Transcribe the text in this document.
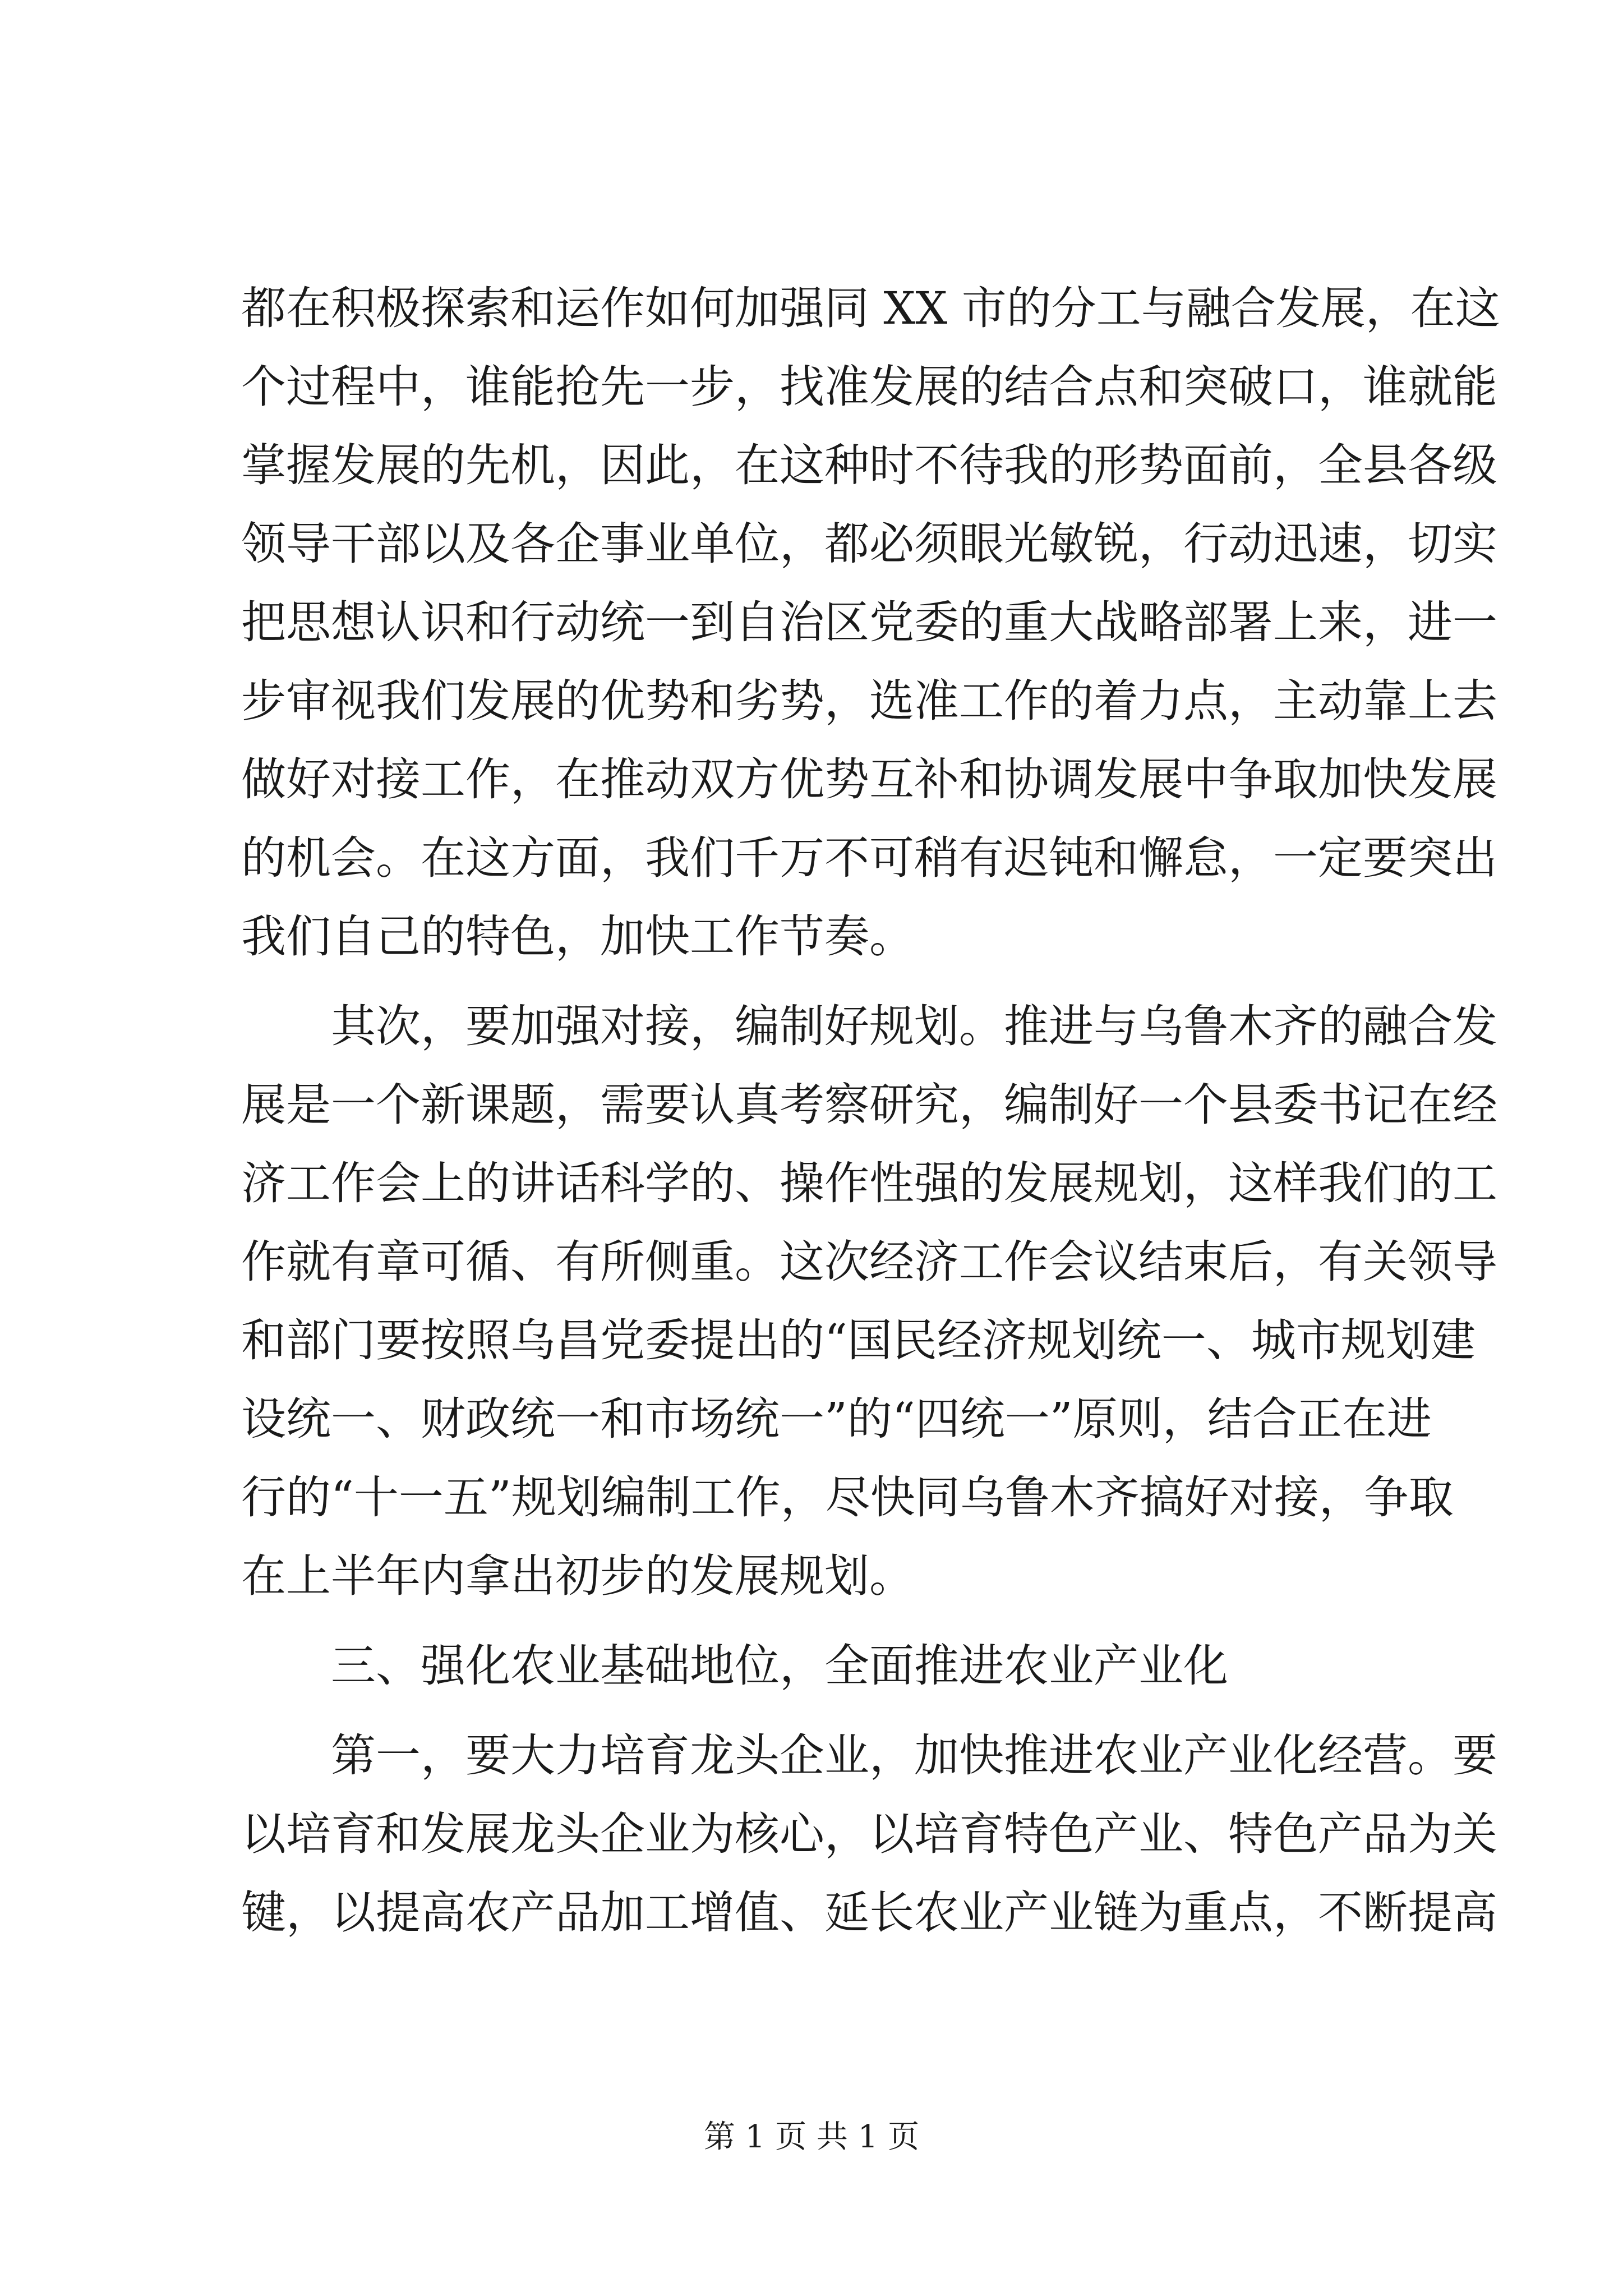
都在积极探索和运作如何加强同 XX 市的分工与融合发展，在这
个过程中，谁能抢先一步，找准发展的结合点和突破口，谁就能
掌握发展的先机，因此，在这种时不待我的形势面前，全县各级
领导干部以及各企事业单位，都必须眼光敏锐，行动迅速，切实
把思想认识和行动统一到自治区党委的重大战略部署上来，进一
步审视我们发展的优势和劣势，选准工作的着力点，主动靠上去
做好对接工作，在推动双方优势互补和协调发展中争取加快发展
的机会。在这方面，我们千万不可稍有迟钝和懈怠，一定要突出
我们自己的特色，加快工作节奏。
其次，要加强对接，编制好规划。推进与乌鲁木齐的融合发
展是一个新课题，需要认真考察研究，编制好一个县委书记在经
济工作会上的讲话科学的、操作性强的发展规划，这样我们的工
作就有章可循、有所侧重。这次经济工作会议结束后，有关领导
和部门要按照乌昌党委提出的“国民经济规划统一、城市规划建
设统一、财政统一和市场统一”的“四统一”原则，结合正在进
行的“十一五”规划编制工作，尽快同乌鲁木齐搞好对接，争取
在上半年内拿出初步的发展规划。
三、强化农业基础地位，全面推进农业产业化
第一，要大力培育龙头企业，加快推进农业产业化经营。要
以培育和发展龙头企业为核心，以培育特色产业、特色产品为关
键，以提高农产品加工增值、延长农业产业链为重点，不断提高
第 1 页 共 1 页
